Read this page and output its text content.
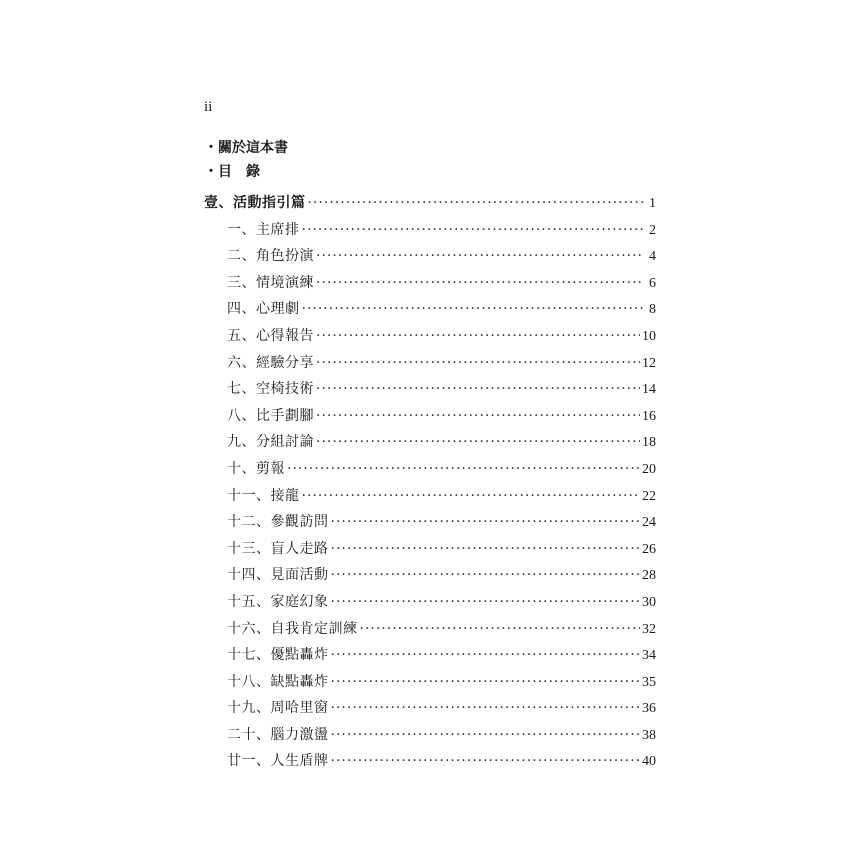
ii
・關於這本書
・目　錄
壹、活動指引篇 ·····	1
一、主席排 ·····	2
二、角色扮演 ·····	4
三、情境演練 ·····	6
四、心理劇 ·····	8
五、心得報告 ·····	10
六、經驗分享 ·····	12
七、空椅技術 ·····	14
八、比手劃腳 ·····	16
九、分組討論 ·····	18
十、剪報 ·····	20
十一、接龍 ·····	22
十二、參觀訪問 ·····	24
十三、盲人走路 ·····	26
十四、見面活動 ·····	28
十五、家庭幻象 ·····	30
十六、自我肯定訓練 ·····	32
十七、優點轟炸 ·····	34
十八、缺點轟炸 ·····	35
十九、周哈里窗 ·····	36
二十、腦力激盪 ·····	38
廿一、人生盾牌 ·····	40
